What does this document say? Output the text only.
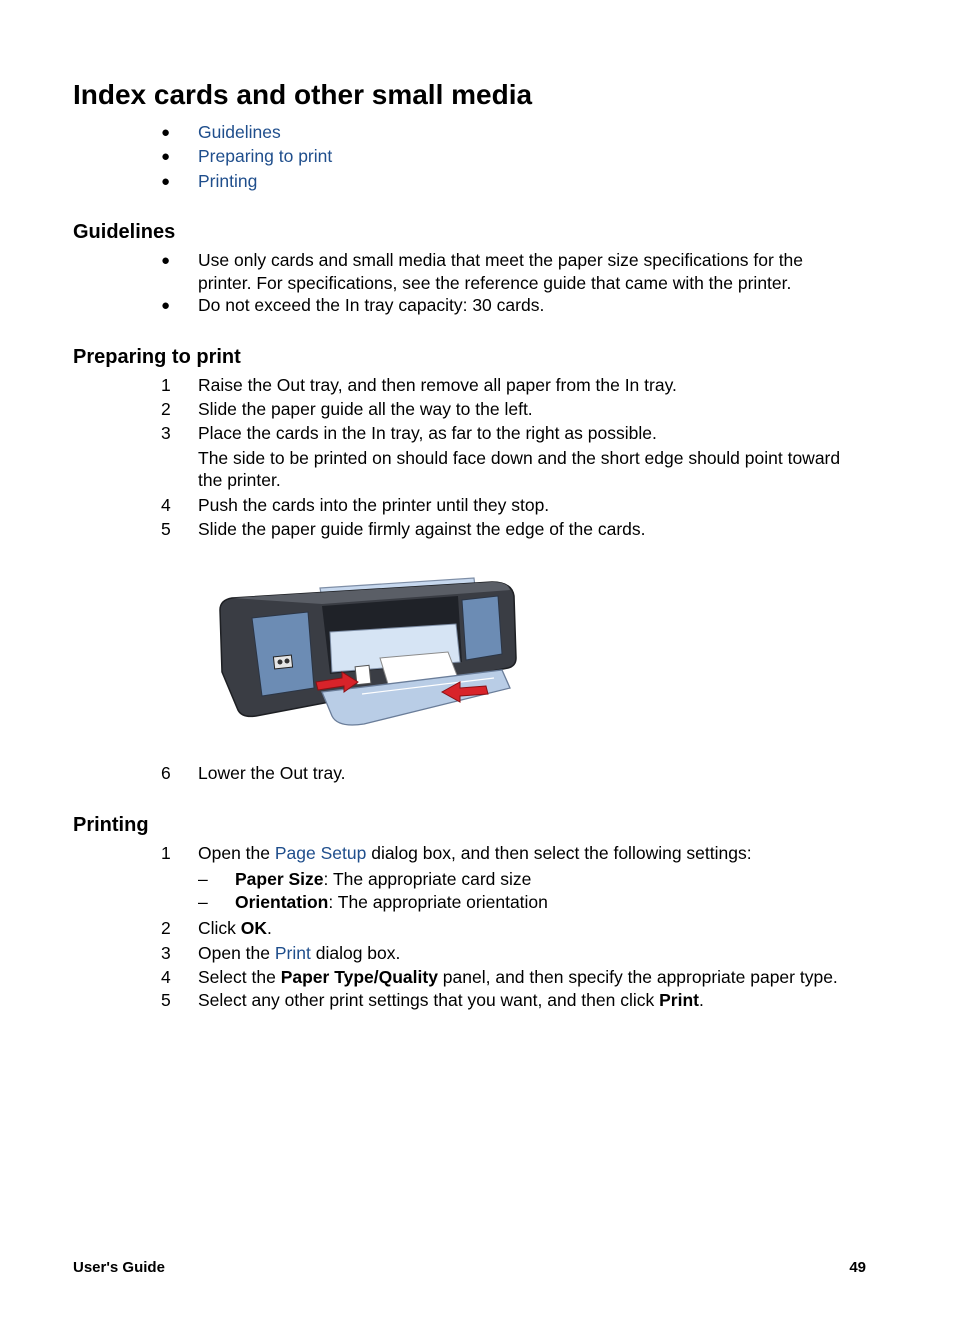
Index cards and other small media
● Guidelines
● Preparing to print
● Printing
Guidelines
● Use only cards and small media that meet the paper size specifications for the
printer. For specifications, see the reference guide that came with the printer.
● Do not exceed the In tray capacity: 30 cards.
Preparing to print
1 Raise the Out tray, and then remove all paper from the In tray.
2 Slide the paper guide all the way to the left.
3 Place the cards in the In tray, as far to the right as possible.
The side to be printed on should face down and the short edge should point toward
the printer.
4 Push the cards into the printer until they stop.
5 Slide the paper guide firmly against the edge of the cards.
6 Lower the Out tray.
Printing
1 Open the Page Setup dialog box, and then select the following settings:
– Paper Size: The appropriate card size
– Orientation: The appropriate orientation
2 Click OK.
3 Open the Print dialog box.
4 Select the Paper Type/Quality panel, and then specify the appropriate paper type.
5 Select any other print settings that you want, and then click Print.
User's Guide	49
